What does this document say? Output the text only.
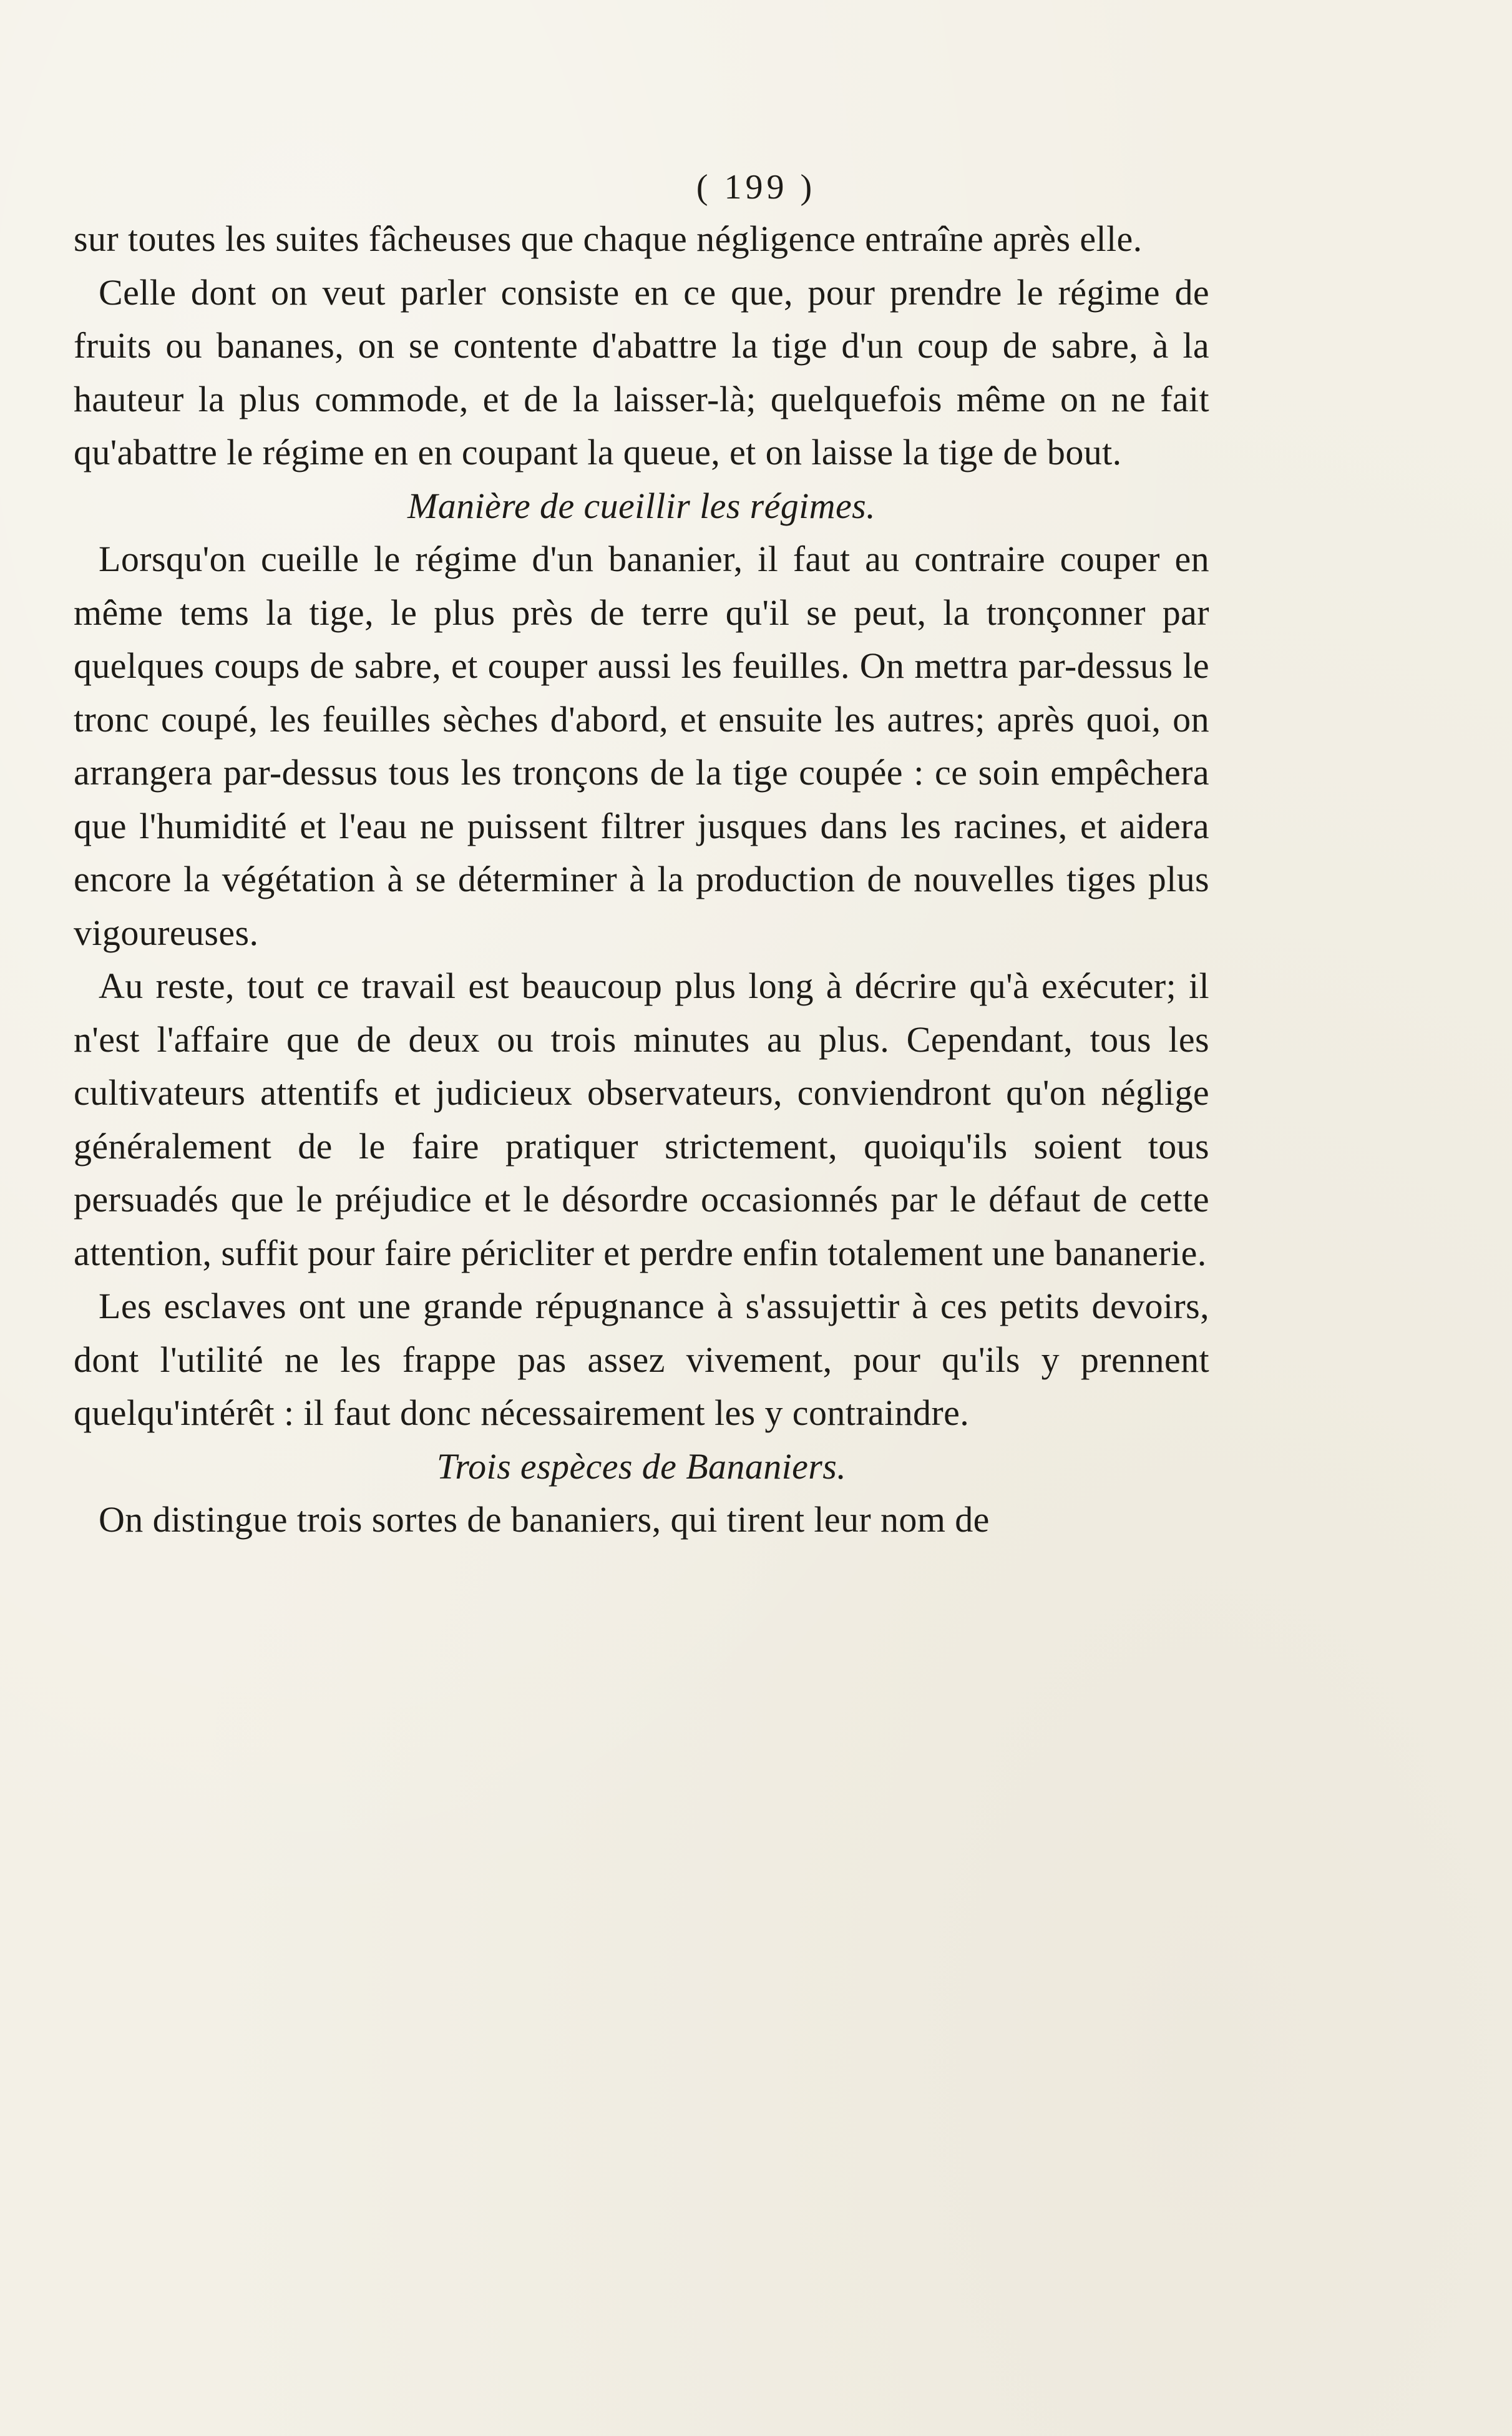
( 199 )

sur toutes les suites fâcheuses que chaque négligence entraîne après elle.

Celle dont on veut parler consiste en ce que, pour prendre le régime de fruits ou bananes, on se contente d'abattre la tige d'un coup de sabre, à la hauteur la plus commode, et de la laisser-là; quelquefois même on ne fait qu'abattre le régime en en coupant la queue, et on laisse la tige de bout.

Manière de cueillir les régimes.

Lorsqu'on cueille le régime d'un bananier, il faut au contraire couper en même tems la tige, le plus près de terre qu'il se peut, la tronçonner par quelques coups de sabre, et couper aussi les feuilles. On mettra par-dessus le tronc coupé, les feuilles sèches d'abord, et ensuite les autres; après quoi, on arrangera par-dessus tous les tronçons de la tige coupée : ce soin empêchera que l'humidité et l'eau ne puissent filtrer jusques dans les racines, et aidera encore la végétation à se déterminer à la production de nouvelles tiges plus vigoureuses.

Au reste, tout ce travail est beaucoup plus long à décrire qu'à exécuter; il n'est l'affaire que de deux ou trois minutes au plus. Cependant, tous les cultivateurs attentifs et judicieux observateurs, conviendront qu'on néglige généralement de le faire pratiquer strictement, quoiqu'ils soient tous persuadés que le préjudice et le désordre occasionnés par le défaut de cette attention, suffit pour faire péricliter et perdre enfin totalement une bananerie.

Les esclaves ont une grande répugnance à s'assujettir à ces petits devoirs, dont l'utilité ne les frappe pas assez vivement, pour qu'ils y prennent quelqu'intérêt : il faut donc nécessairement les y contraindre.

Trois espèces de Bananiers.

On distingue trois sortes de bananiers, qui tirent leur nom de
